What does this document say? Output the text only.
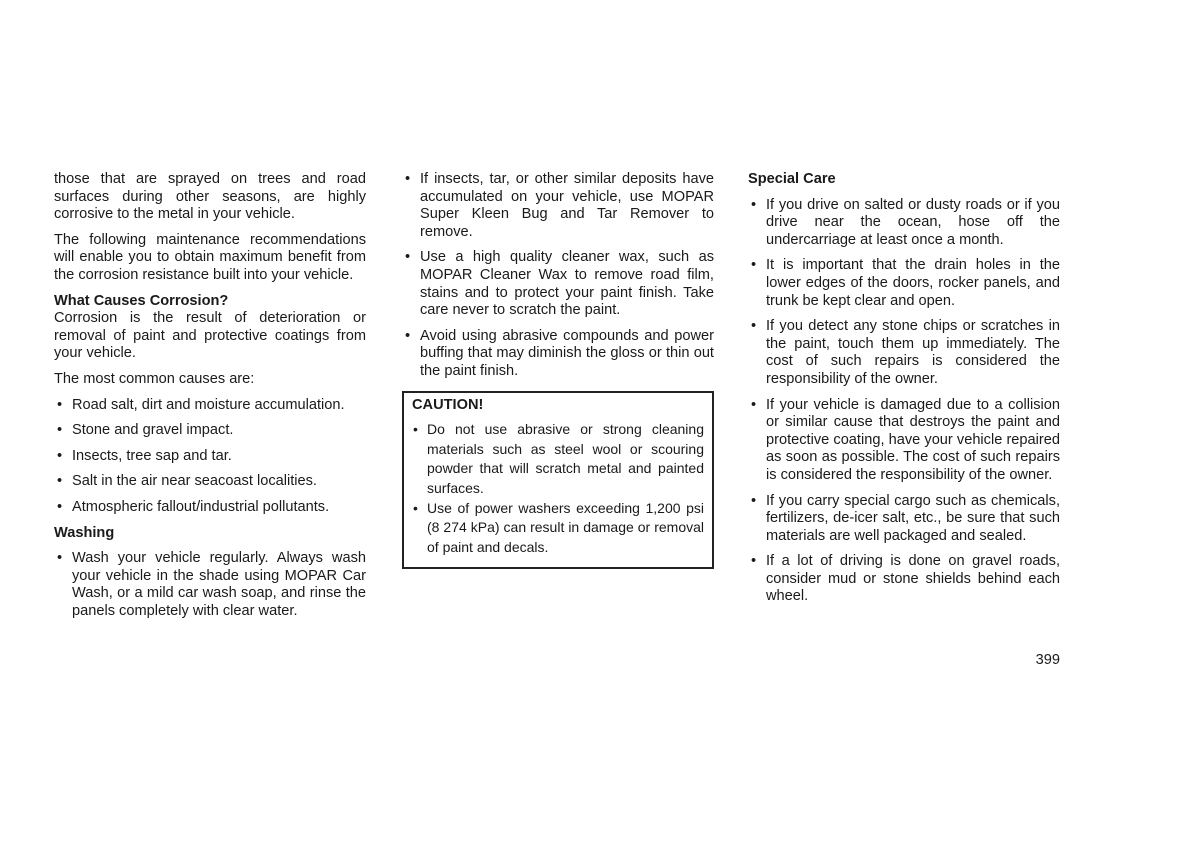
those that are sprayed on trees and road surfaces during other seasons, are highly corrosive to the metal in your vehicle.

The following maintenance recommendations will enable you to obtain maximum benefit from the corrosion resistance built into your vehicle.

What Causes Corrosion?

Corrosion is the result of deterioration or removal of paint and protective coatings from your vehicle.

The most common causes are:

• Road salt, dirt and moisture accumulation.
• Stone and gravel impact.
• Insects, tree sap and tar.
• Salt in the air near seacoast localities.
• Atmospheric fallout/industrial pollutants.

Washing

• Wash your vehicle regularly. Always wash your vehicle in the shade using MOPAR Car Wash, or a mild car wash soap, and rinse the panels completely with clear water.
• If insects, tar, or other similar deposits have accumulated on your vehicle, use MOPAR Super Kleen Bug and Tar Remover to remove.
• Use a high quality cleaner wax, such as MOPAR Cleaner Wax to remove road film, stains and to protect your paint finish. Take care never to scratch the paint.
• Avoid using abrasive compounds and power buffing that may diminish the gloss or thin out the paint finish.

CAUTION!

• Do not use abrasive or strong cleaning materials such as steel wool or scouring powder that will scratch metal and painted surfaces.
• Use of power washers exceeding 1,200 psi (8 274 kPa) can result in damage or removal of paint and decals.

Special Care

• If you drive on salted or dusty roads or if you drive near the ocean, hose off the undercarriage at least once a month.
• It is important that the drain holes in the lower edges of the doors, rocker panels, and trunk be kept clear and open.
• If you detect any stone chips or scratches in the paint, touch them up immediately. The cost of such repairs is considered the responsibility of the owner.
• If your vehicle is damaged due to a collision or similar cause that destroys the paint and protective coating, have your vehicle repaired as soon as possible. The cost of such repairs is considered the responsibility of the owner.
• If you carry special cargo such as chemicals, fertilizers, de-icer salt, etc., be sure that such materials are well packaged and sealed.
• If a lot of driving is done on gravel roads, consider mud or stone shields behind each wheel.
399
